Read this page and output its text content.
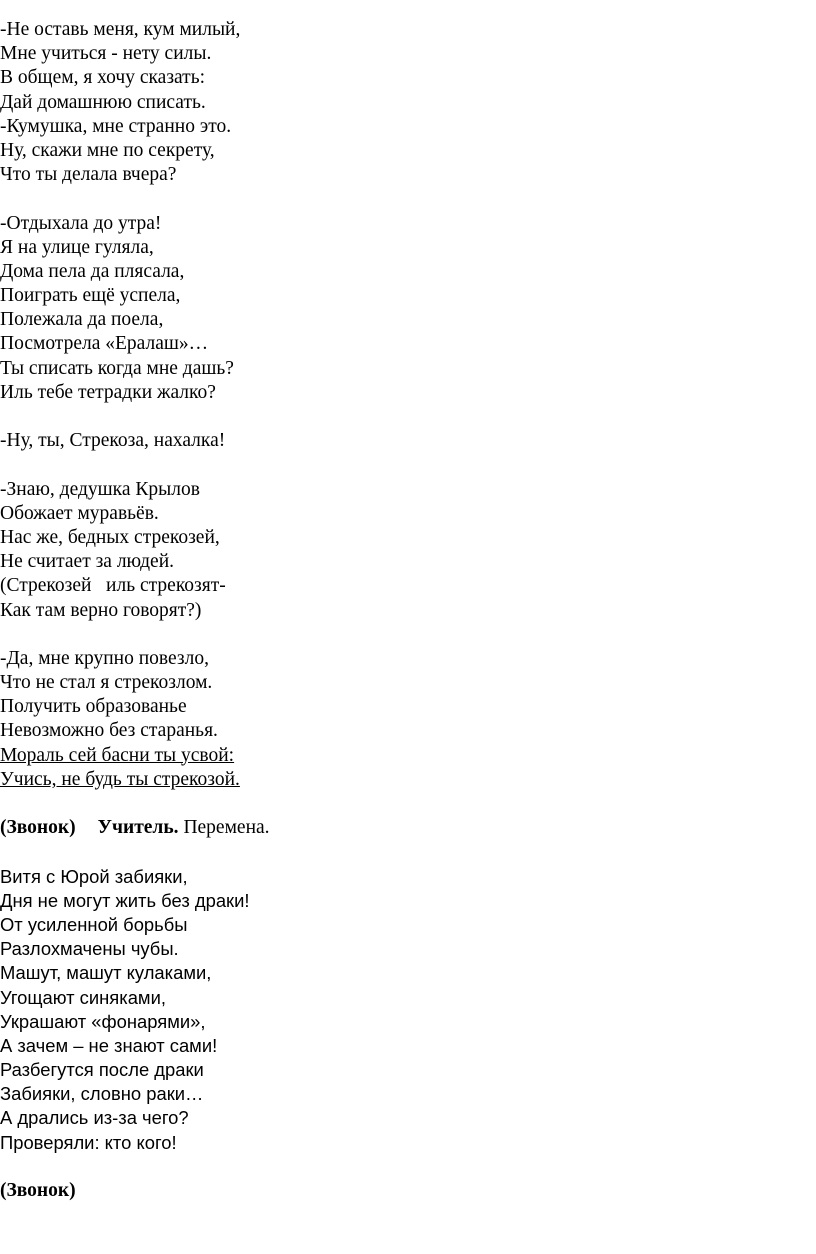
-Не оставь меня, кум милый,
Мне учиться - нету силы.
В общем, я хочу сказать:
Дай домашнюю списать.
-Кумушка, мне странно это.
Ну, скажи мне по секрету,
Что ты делала вчера?
-Отдыхала до утра!
Я на улице гуляла,
Дома пела да плясала,
Поиграть ещё успела,
Полежала да поела,
Посмотрела «Ералаш»…
Ты списать когда мне дашь?
Иль тебе тетрадки жалко?
-Ну, ты, Стрекоза, нахалка!
-Знаю, дедушка Крылов
Обожает муравьёв.
Нас же, бедных стрекозей,
Не считает за людей.
(Стрекозей   иль стрекозят-
Как там верно говорят?)
-Да, мне крупно повезло,
Что не стал я стрекозлом.
Получить образованье
Невозможно без старанья.
Мораль сей басни ты усвой:
Учись, не будь ты стрекозой.
(Звонок) Учитель. Перемена.
Витя с Юрой забияки,
Дня не могут жить без драки!
От усиленной борьбы
Разлохмачены чубы.
Машут, машут кулаками,
Угощают синяками,
Украшают «фонарями»,
А зачем – не знают сами!
Разбегутся после драки
Забияки, словно раки…
А дрались из-за чего?
Проверяли: кто кого!
(Звонок)
